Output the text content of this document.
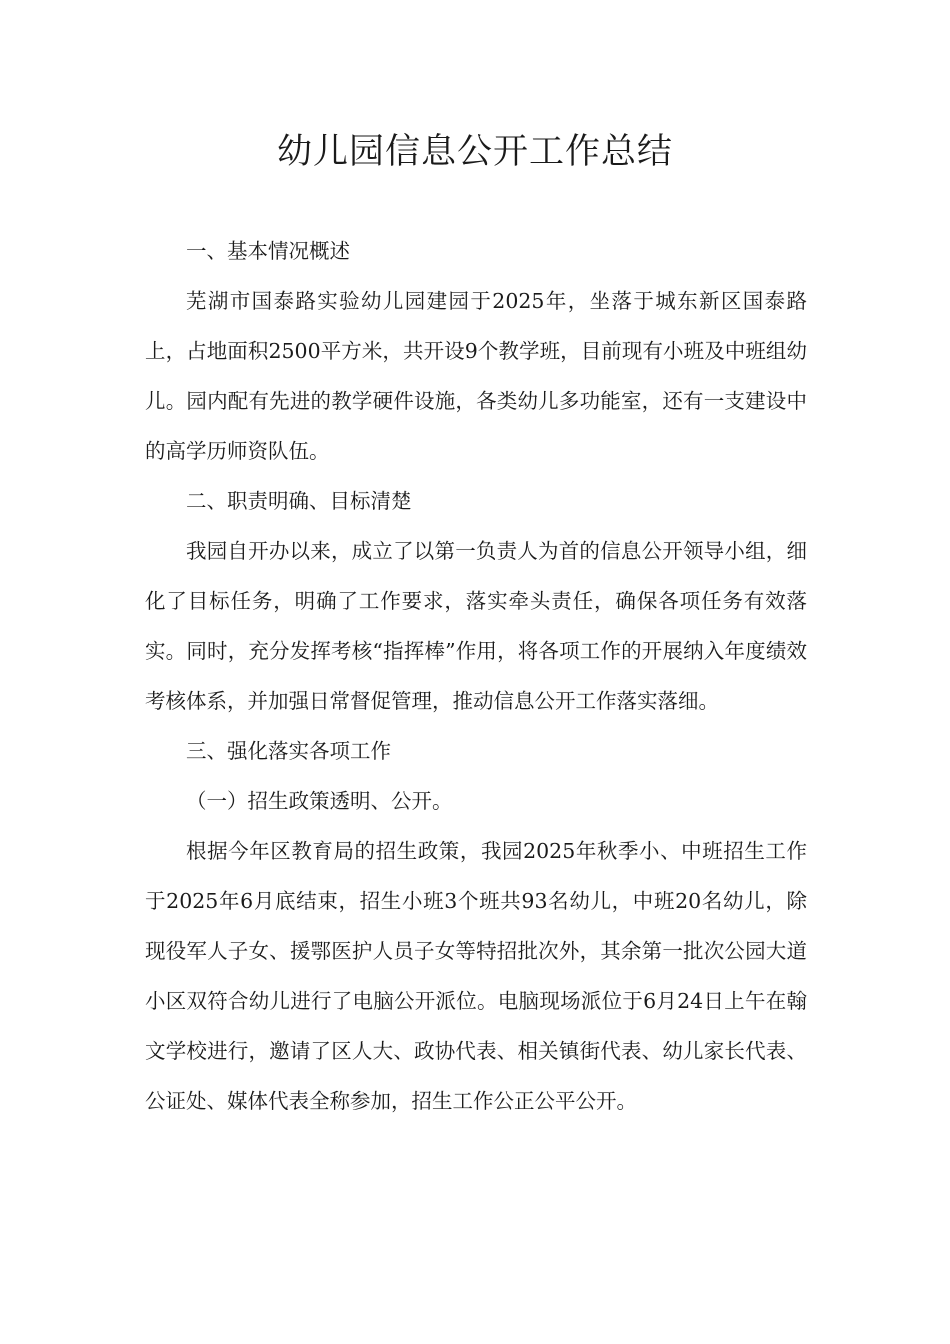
幼儿园信息公开工作总结

一、基本情况概述

芜湖市国泰路实验幼儿园建园于2025年，坐落于城东新区国泰路上，占地面积2500平方米，共开设9个教学班，目前现有小班及中班组幼儿。园内配有先进的教学硬件设施，各类幼儿多功能室，还有一支建设中的高学历师资队伍。

二、职责明确、目标清楚

我园自开办以来，成立了以第一负责人为首的信息公开领导小组，细化了目标任务，明确了工作要求，落实牵头责任，确保各项任务有效落实。同时，充分发挥考核“指挥棒”作用，将各项工作的开展纳入年度绩效考核体系，并加强日常督促管理，推动信息公开工作落实落细。

三、强化落实各项工作

（一）招生政策透明、公开。

根据今年区教育局的招生政策，我园2025年秋季小、中班招生工作于2025年6月底结束，招生小班3个班共93名幼儿，中班20名幼儿，除现役军人子女、援鄂医护人员子女等特招批次外，其余第一批次公园大道小区双符合幼儿进行了电脑公开派位。电脑现场派位于6月24日上午在翰文学校进行，邀请了区人大、政协代表、相关镇街代表、幼儿家长代表、公证处、媒体代表全称参加，招生工作公正公平公开。
